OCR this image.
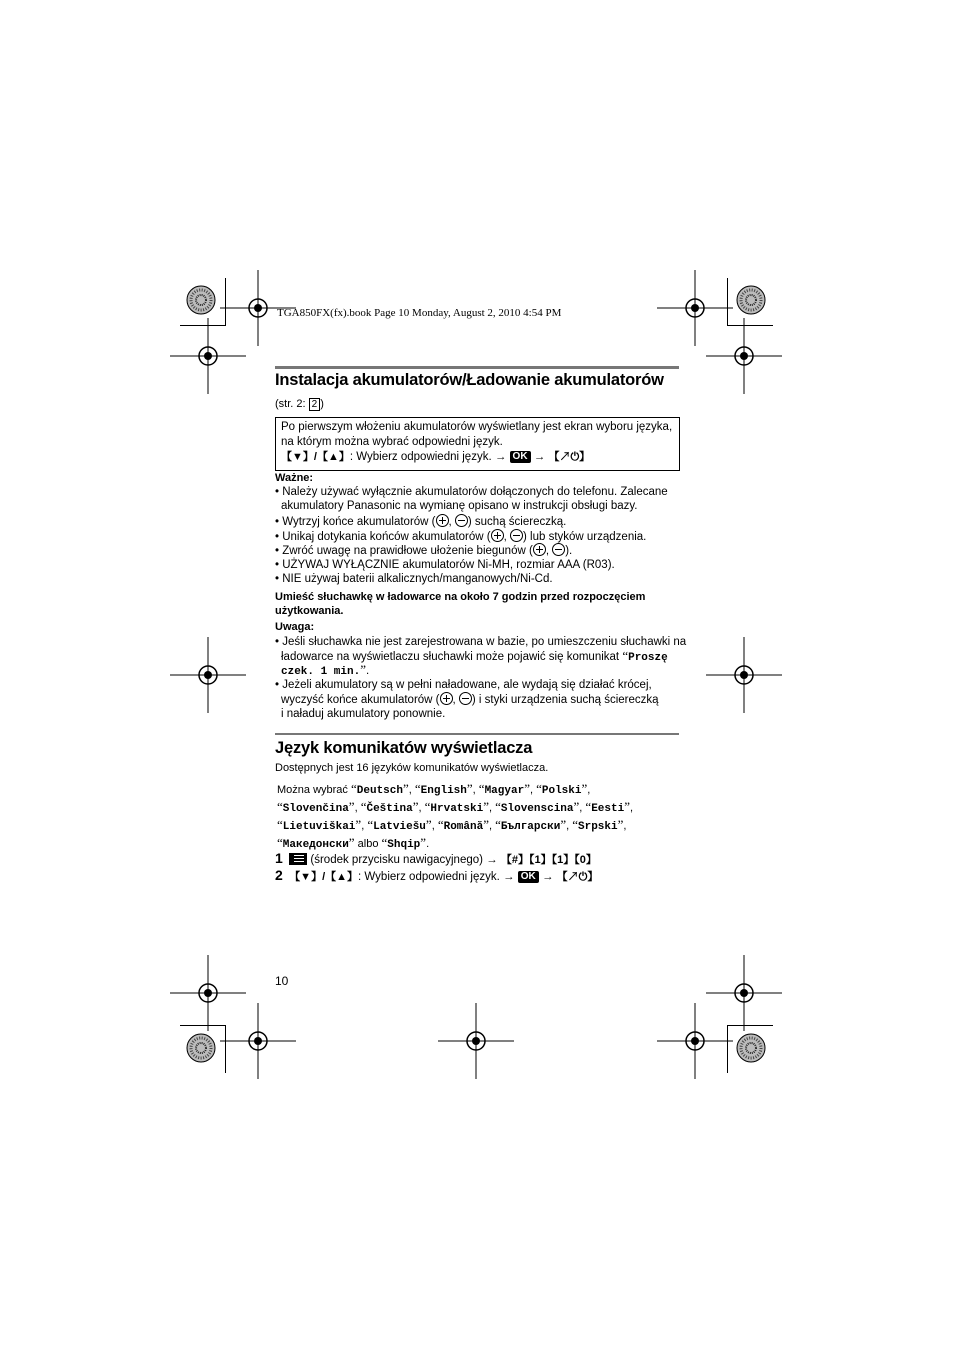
TGA850FX(fx).book Page 10 Monday, August 2, 2010 4:54 PM
Instalacja akumulatorów/Ładowanie akumulatorów
(str. 2: 2 )
Po pierwszym włożeniu akumulatorów wyświetlany jest ekran wyboru języka,
na którym można wybrać odpowiedni język.
【▼】/【▲】: Wybierz odpowiedni język. → OK → 【↗⏻】
Ważne:
• Należy używać wyłącznie akumulatorów dołączonych do telefonu. Zalecane
akumulatory Panasonic na wymianę opisano w instrukcji obsługi bazy.
• Wytrzyj końce akumulatorów ( , ) suchą ściereczką.
• Unikaj dotykania końców akumulatorów ( , ) lub styków urządzenia.
• Zwróć uwagę na prawidłowe ułożenie biegunów ( , ).
• UŻYWAJ WYŁĄCZNIE akumulatorów Ni-MH, rozmiar AAA (R03).
• NIE używaj baterii alkalicznych/manganowych/Ni-Cd.
Umieść słuchawkę w ładowarce na około 7 godzin przed rozpoczęciem
użytkowania.
Uwaga:
• Jeśli słuchawka nie jest zarejestrowana w bazie, po umieszczeniu słuchawki na
ładowarce na wyświetlaczu słuchawki może pojawić się komunikat “Proszę
czek. 1 min.”.
• Jeżeli akumulatory są w pełni naładowane, ale wydają się działać krócej,
wyczyść końce akumulatorów ( , ) i styki urządzenia suchą ściereczką
i naładuj akumulatory ponownie.
Język komunikatów wyświetlacza
Dostępnych jest 16 języków komunikatów wyświetlacza.
Można wybrać “Deutsch”, “English”, “Magyar”, “Polski”,
“Slovenčina”, “Čeština”, “Hrvatski”, “Slovenscina”, “Eesti”,
“Lietuviškai”, “Latviešu”, “Română”, “Български”, “Srpski”,
“Македонски” albo “Shqip”.
1 (środek przycisku nawigacyjnego) → 【#】【1】【1】【0】
2 【▼】/【▲】: Wybierz odpowiedni język. → OK → 【↗⏻】
10
